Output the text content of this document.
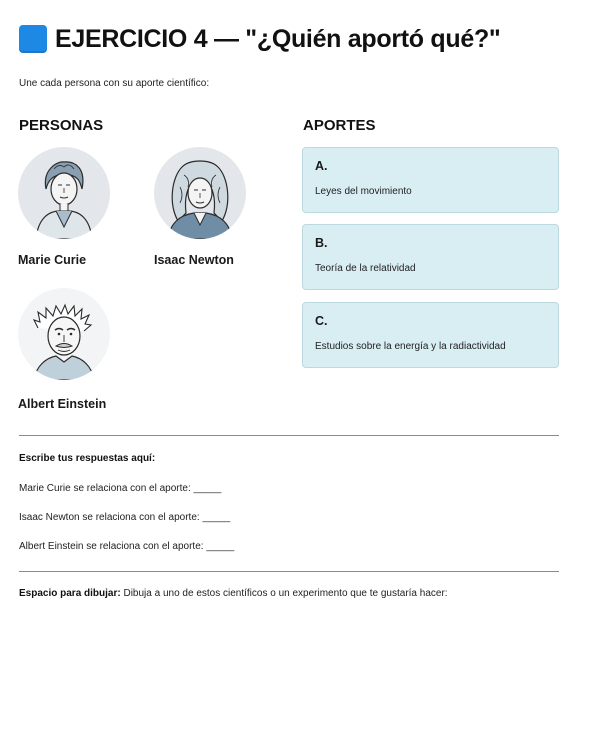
EJERCICIO 4 — "¿Quién aportó qué?"
Une cada persona con su aporte científico:
PERSONAS	APORTES
Marie Curie	Isaac Newton
Albert Einstein
A.
Leyes del movimiento
B.
Teoría de la relatividad
C.
Estudios sobre la energía y la radiactividad
Escribe tus respuestas aquí:
Marie Curie se relaciona con el aporte: _____
Isaac Newton se relaciona con el aporte: _____
Albert Einstein se relaciona con el aporte: _____
Espacio para dibujar: Dibuja a uno de estos científicos o un experimento que te gustaría hacer:
